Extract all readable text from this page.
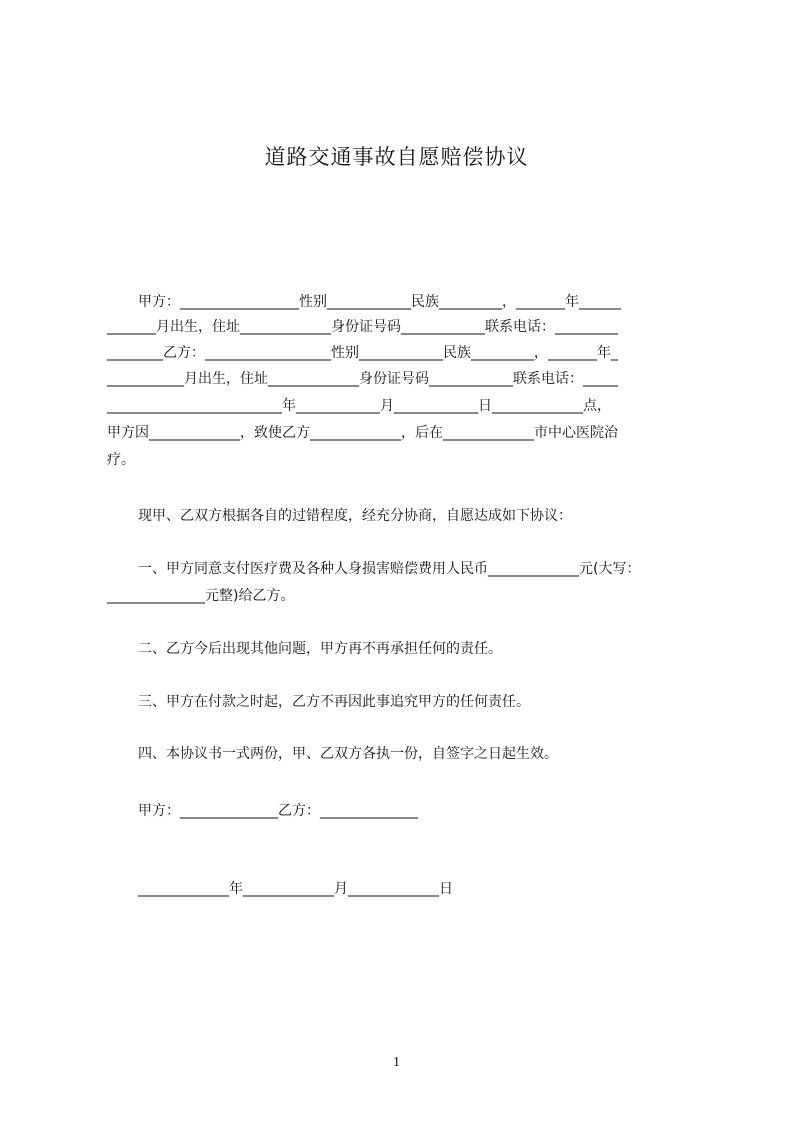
道路交通事故自愿赔偿协议
甲方：_________________性别____________民族_________，_______年______
_______月出生，住址_____________身份证号码____________联系电话：_________
________乙方：__________________性别____________民族_________，_______年_
___________月出生，住址_____________身份证号码____________联系电话：_____
_________________________年____________月____________日_____________点，
甲方因_____________，致使乙方_____________，后在_____________市中心医院治
疗。
现甲、乙双方根据各自的过错程度，经充分协商，自愿达成如下协议：
一、甲方同意支付医疗费及各种人身损害赔偿费用人民币_____________元(大写：
______________元整)给乙方。
二、乙方今后出现其他问题，甲方再不再承担任何的责任。
三、甲方在付款之时起，乙方不再因此事追究甲方的任何责任。
四、本协议书一式两份，甲、乙双方各执一份，自签字之日起生效。
甲方：______________乙方：______________
_____________年_____________月_____________日
1
